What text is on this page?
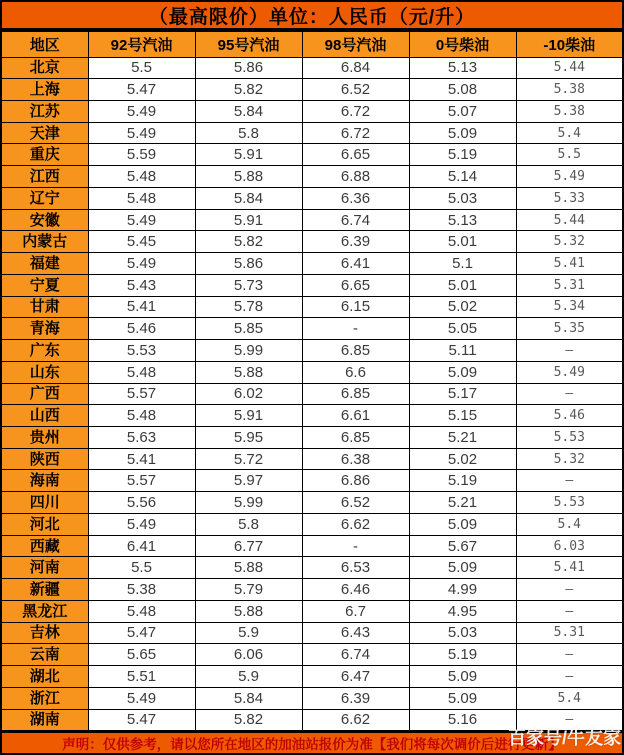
（最高限价）单位：人民币（元/升）
地区	92号汽油	95号汽油	98号汽油	0号柴油	-10柴油
北京	5.5	5.86	6.84	5.13	5.44
上海	5.47	5.82	6.52	5.08	5.38
江苏	5.49	5.84	6.72	5.07	5.38
天津	5.49	5.8	6.72	5.09	5.4
重庆	5.59	5.91	6.65	5.19	5.5
江西	5.48	5.88	6.88	5.14	5.49
辽宁	5.48	5.84	6.36	5.03	5.33
安徽	5.49	5.91	6.74	5.13	5.44
内蒙古	5.45	5.82	6.39	5.01	5.32
福建	5.49	5.86	6.41	5.1	5.41
宁夏	5.43	5.73	6.65	5.01	5.31
甘肃	5.41	5.78	6.15	5.02	5.34
青海	5.46	5.85	-	5.05	5.35
广东	5.53	5.99	6.85	5.11	–
山东	5.48	5.88	6.6	5.09	5.49
广西	5.57	6.02	6.85	5.17	–
山西	5.48	5.91	6.61	5.15	5.46
贵州	5.63	5.95	6.85	5.21	5.53
陕西	5.41	5.72	6.38	5.02	5.32
海南	5.57	5.97	6.86	5.19	–
四川	5.56	5.99	6.52	5.21	5.53
河北	5.49	5.8	6.62	5.09	5.4
西藏	6.41	6.77	-	5.67	6.03
河南	5.5	5.88	6.53	5.09	5.41
新疆	5.38	5.79	6.46	4.99	–
黑龙江	5.48	5.88	6.7	4.95	–
吉林	5.47	5.9	6.43	5.03	5.31
云南	5.65	6.06	6.74	5.19	–
湖北	5.51	5.9	6.47	5.09	–
浙江	5.49	5.84	6.39	5.09	5.4
湖南	5.47	5.82	6.62	5.16	–
声明：仅供参考，请以您所在地区的加油站报价为准【我们将每次调价后进行更新】
百家号/牛友家
